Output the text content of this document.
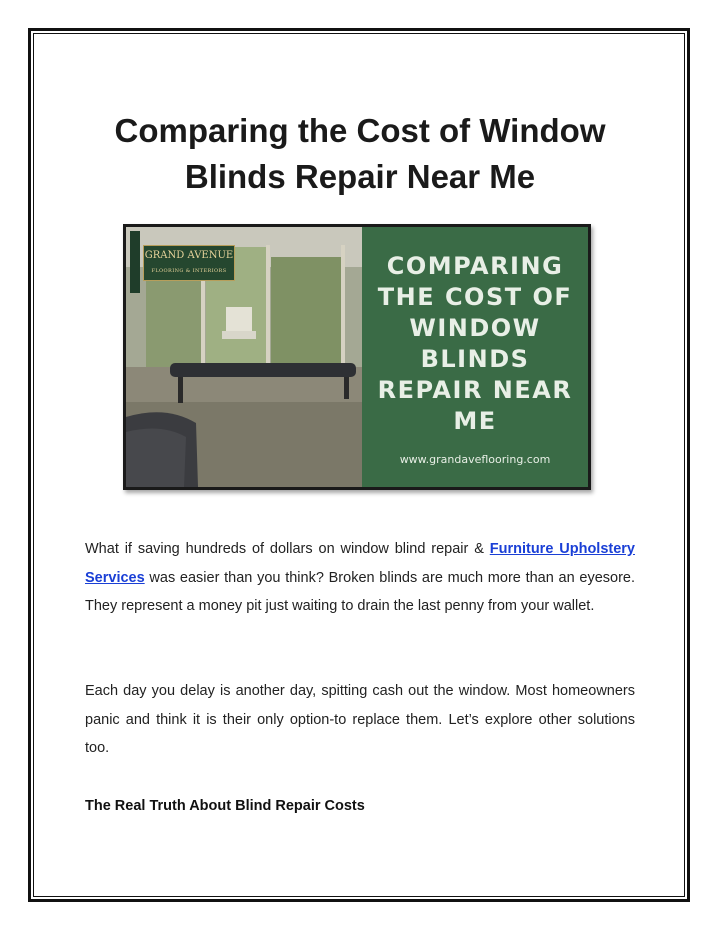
Comparing the Cost of Window
Blinds Repair Near Me
GRAND AVENUE
FLOORING & INTERIORS	COMPARING
THE COST OF
WINDOW
BLINDS
REPAIR NEAR
ME
www.grandaveflooring.com

What if saving hundreds of dollars on window blind repair & Furniture Upholstery Services was easier than you think? Broken blinds are much more than an eyesore. They represent a money pit just waiting to drain the last penny from your wallet.

Each day you delay is another day, spitting cash out the window. Most homeowners panic and think it is their only option-to replace them. Let’s explore other solutions too.

The Real Truth About Blind Repair Costs
